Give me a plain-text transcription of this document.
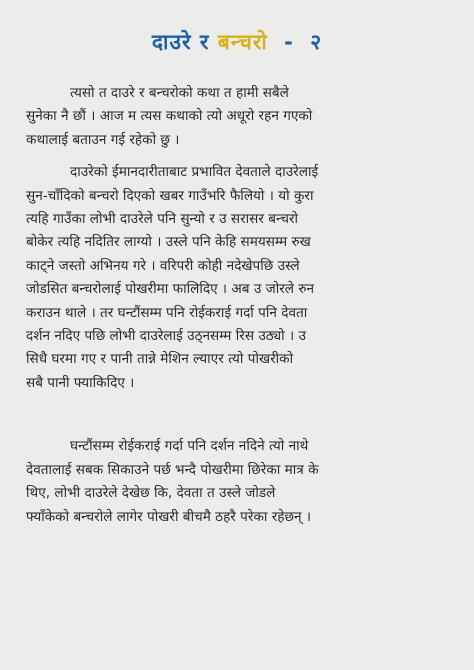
दाउरे र बन्चरो - २
त्यसो त दाउरे र बन्चरोको कथा त हामी सबैले
सुनेका नै छौं । आज म त्यस कथाको त्यो अधूरो रहन गएको
कथालाई बताउन गई रहेको छु ।
दाउरेको ईमानदारीताबाट प्रभावित देवताले दाउरेलाई
सुन-चाँदिको बन्चरो दिएको खबर गाउँभरि फैलियो । यो कुरा
त्यहि गाउँका लोभी दाउरेले पनि सुन्यो र उ सरासर बन्चरो
बोकेर त्यहि नदितिर लाग्यो । उस्ले पनि केहि समयसम्म रुख
काट्ने जस्तो अभिनय गरे । वरिपरी कोही नदेखेपछि उस्ले
जोडसित बन्चरोलाई पोखरीमा फालिदिए । अब उ जोरले रुन
कराउन थाले । तर घन्टौंसम्म पनि रोईकराई गर्दा पनि देवता
दर्शन नदिए पछि लोभी दाउरेलाई उठ्नसम्म रिस उठ्यो । उ
सिधै घरमा गए र पानी तान्ने मेशिन ल्याएर त्यो पोखरीको
सबै पानी फ्याकिदिए ।
घन्टौंसम्म रोईकराई गर्दा पनि दर्शन नदिने त्यो नाथे
देवतालाई सबक सिकाउने पर्छ भन्दै पोखरीमा छिरेका मात्र के
थिए, लोभी दाउरेले देखेछ कि, देवता त उस्ले जोडले
फ्याँकेको बन्चरोले लागेर पोखरी बीचमै ठहरै परेका रहेछन् ।
